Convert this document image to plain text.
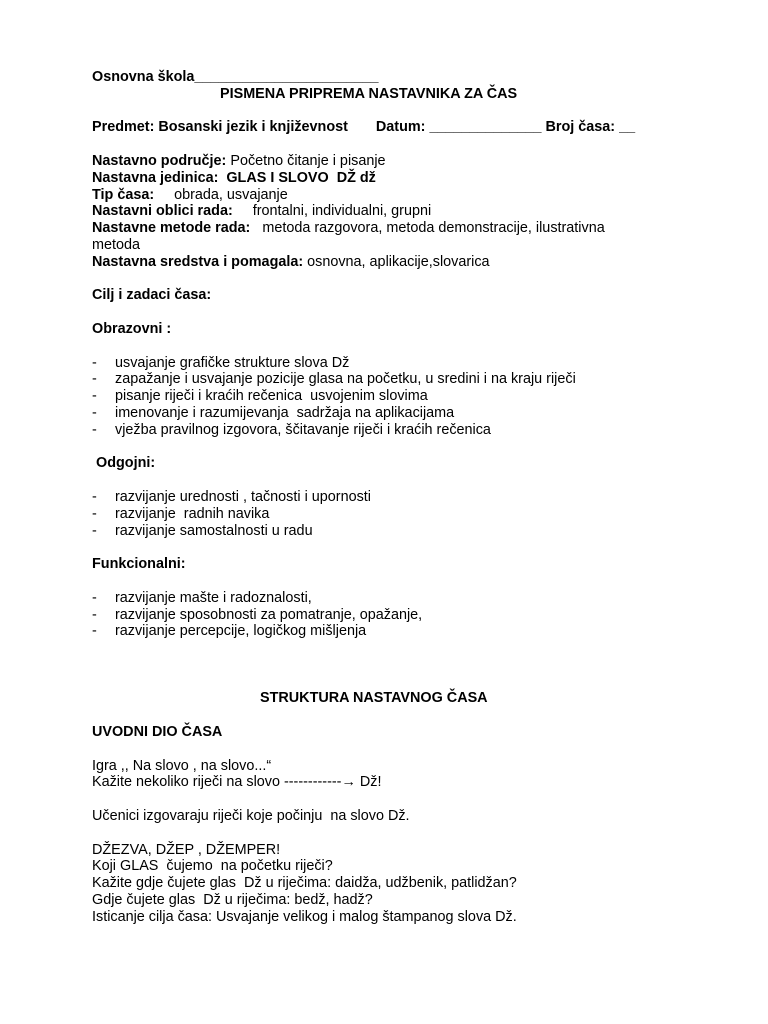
Osnovna škola_______________________
PISMENA PRIPREMA NASTAVNIKA ZA ČAS
Predmet: Bosanski jezik i književnost       Datum: ______________ Broj časa: __
Nastavno područje: Početno čitanje i pisanje
Nastavna jedinica:  GLAS I SLOVO  DŽ dž
Tip časa:     obrada, usvajanje
Nastavni oblici rada:     frontalni, individualni, grupni
Nastavne metode rada:   metoda razgovora, metoda demonstracije, ilustrativna
metoda
Nastavna sredstva i pomagala: osnovna, aplikacije,slovarica
Cilj i zadaci časa:
Obrazovni :
- usvajanje grafičke strukture slova Dž
- zapažanje i usvajanje pozicije glasa na početku, u sredini i na kraju riječi
- pisanje riječi i kraćih rečenica  usvojenim slovima
- imenovanje i razumijevanja  sadržaja na aplikacijama
- vježba pravilnog izgovora, ščitavanje riječi i kraćih rečenica
Odgojni:
- razvijanje urednosti , tačnosti i upornosti
- razvijanje  radnih navika
- razvijanje samostalnosti u radu
Funkcionalni:
- razvijanje mašte i radoznalosti,
- razvijanje sposobnosti za pomatranje, opažanje,
- razvijanje percepcije, logičkog mišljenja
STRUKTURA NASTAVNOG ČASA
UVODNI DIO ČASA
Igra ,, Na slovo , na slovo...“
Kažite nekoliko riječi na slovo ------------→ Dž!
Učenici izgovaraju riječi koje počinju  na slovo Dž.
DŽEZVA, DŽEP , DŽEMPER!
Koji GLAS  čujemo  na početku riječi?
Kažite gdje čujete glas  Dž u riječima: daidža, udžbenik, patlidžan?
Gdje čujete glas  Dž u riječima: bedž, hadž?
Isticanje cilja časa: Usvajanje velikog i malog štampanog slova Dž.
